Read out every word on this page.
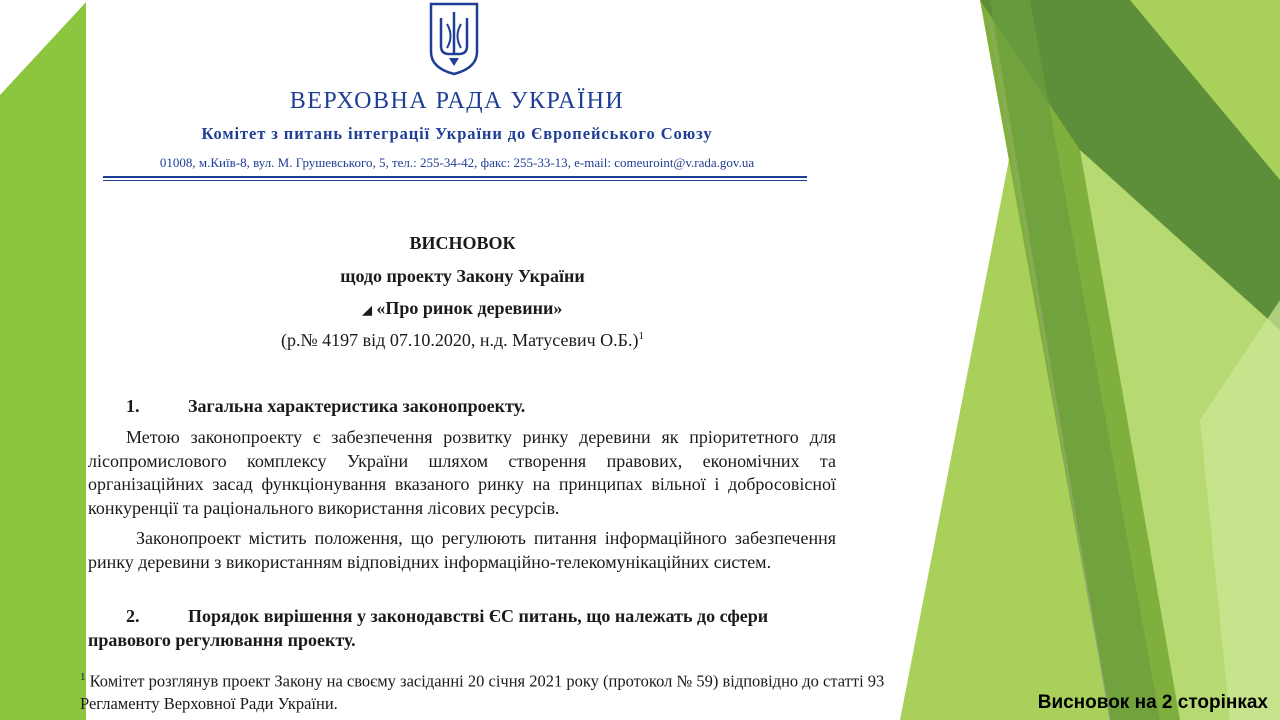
ВЕРХОВНА РАДА УКРАЇНИ
Комітет з питань інтеграції України до Європейського Союзу
01008, м.Київ-8, вул. М. Грушевського, 5, тел.: 255-34-42, факс: 255-33-13, e-mail: comeuroint@v.rada.gov.ua
ВИСНОВОК
щодо проекту Закону України
◢ «Про ринок деревини»
(р.№ 4197 від 07.10.2020, н.д. Матусевич О.Б.)$^1$
1.	Загальна характеристика законопроекту.
Метою законопроекту є забезпечення розвитку ринку деревини як пріоритетного для лісопромислового комплексу України шляхом створення правових, економічних та організаційних засад функціонування вказаного ринку на принципах вільної і добросовісної конкуренції та раціонального використання лісових ресурсів.
Законопроект містить положення, що регулюють питання інформаційного забезпечення ринку деревини з використанням відповідних інформаційно-телекомунікаційних систем.
2.	Порядок вирішення у законодавстві ЄС питань, що належать до сфери
правового регулювання проекту.
$^1$ Комітет розглянув проект Закону на своєму засіданні 20 січня 2021 року (протокол № 59) відповідно до статті 93 Регламенту Верховної Ради України.	Висновок на 2 сторінках
